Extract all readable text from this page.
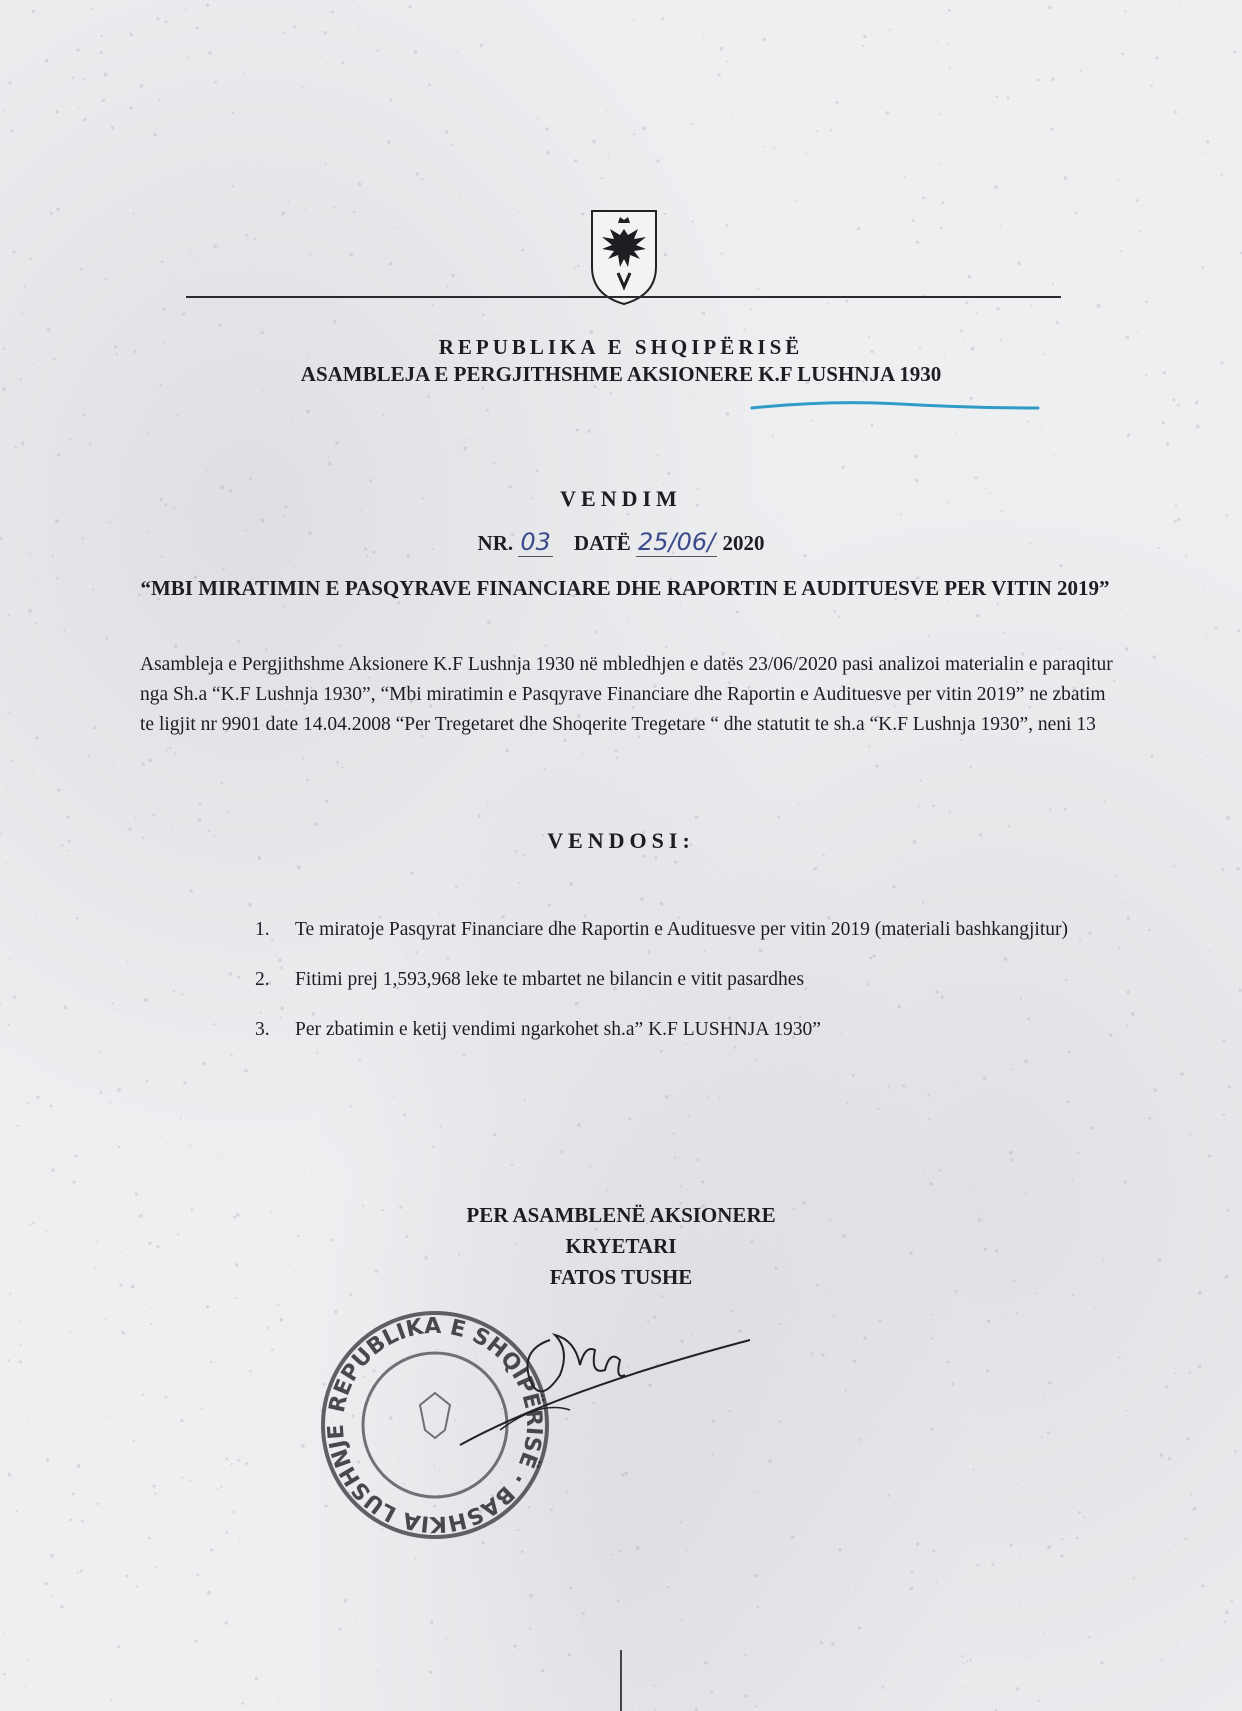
REPUBLIKA E SHQIPËRISË
ASAMBLEJA E PERGJITHSHME AKSIONERE K.F LUSHNJA 1930
VENDIM
NR. 03 DATË 25/06/ 2020
“MBI MIRATIMIN E PASQYRAVE FINANCIARE DHE RAPORTIN E AUDITUESVE PER VITIN 2019”
Asambleja e Pergjithshme Aksionere K.F Lushnja 1930 në mbledhjen e datës 23/06/2020 pasi analizoi materialin e paraqitur nga Sh.a “K.F Lushnja 1930”, “Mbi miratimin e Pasqyrave Financiare dhe Raportin e Audituesve per vitin 2019” ne zbatim te ligjit nr 9901 date 14.04.2008 “Per Tregetaret dhe Shoqerite Tregetare “ dhe statutit te sh.a “K.F Lushnja 1930”, neni 13
VENDOSI:
1.	Te miratoje Pasqyrat Financiare dhe Raportin e Audituesve per vitin 2019 (materiali bashkangjitur)
2.	Fitimi prej 1,593,968 leke te mbartet ne bilancin e vitit pasardhes
3.	Per zbatimin e ketij vendimi ngarkohet sh.a” K.F LUSHNJA 1930”
PER ASAMBLENË AKSIONERE
KRYETARI
FATOS TUSHE
REPUBLIKA E SHQIPËRISË · BASHKIA LUSHNJE
